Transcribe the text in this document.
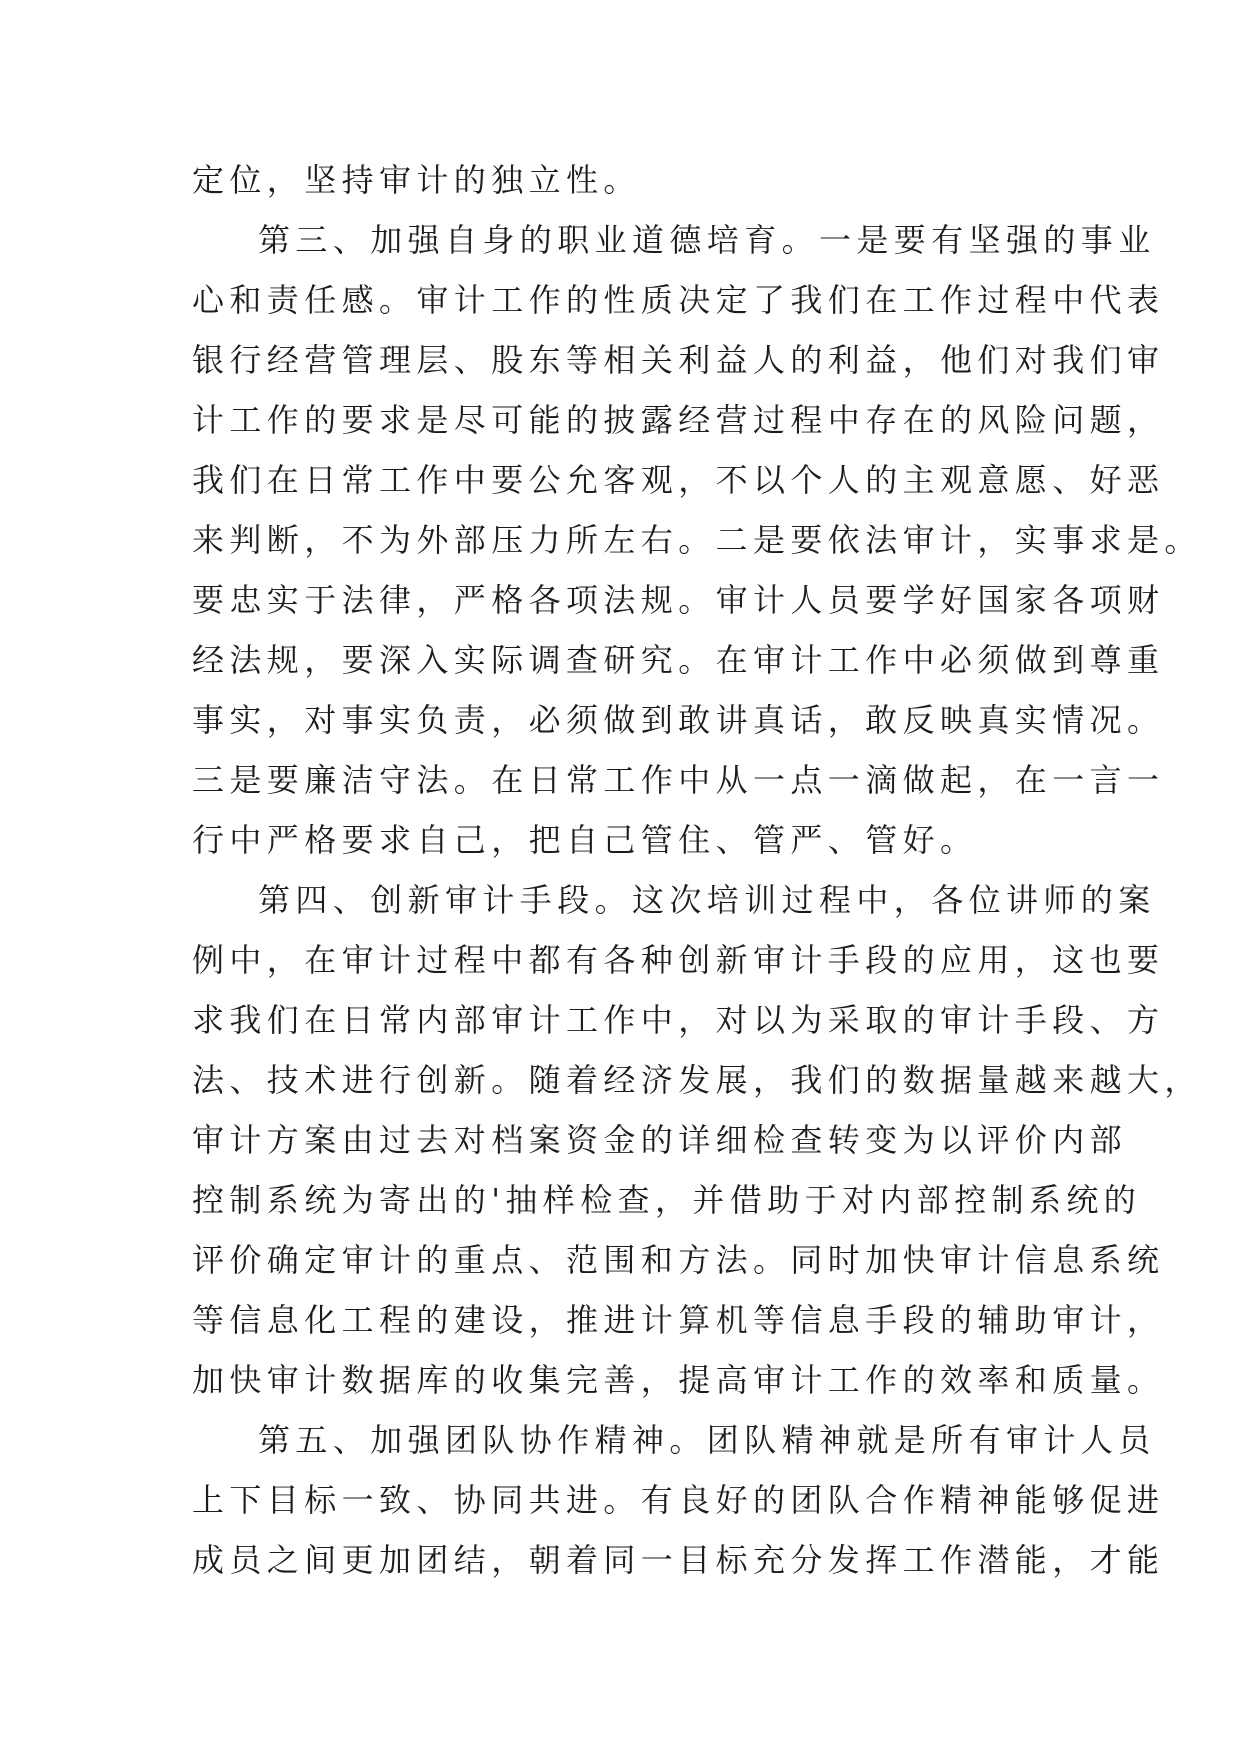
定位，坚持审计的独立性。
第三、加强自身的职业道德培育。一是要有坚强的事业
心和责任感。审计工作的性质决定了我们在工作过程中代表
银行经营管理层、股东等相关利益人的利益，他们对我们审
计工作的要求是尽可能的披露经营过程中存在的风险问题，
我们在日常工作中要公允客观，不以个人的主观意愿、好恶
来判断，不为外部压力所左右。二是要依法审计，实事求是。
要忠实于法律，严格各项法规。审计人员要学好国家各项财
经法规，要深入实际调查研究。在审计工作中必须做到尊重
事实，对事实负责，必须做到敢讲真话，敢反映真实情况。
三是要廉洁守法。在日常工作中从一点一滴做起，在一言一
行中严格要求自己，把自己管住、管严、管好。
第四、创新审计手段。这次培训过程中，各位讲师的案
例中，在审计过程中都有各种创新审计手段的应用，这也要
求我们在日常内部审计工作中，对以为采取的审计手段、方
法、技术进行创新。随着经济发展，我们的数据量越来越大，
审计方案由过去对档案资金的详细检查转变为以评价内部
控制系统为寄出的'抽样检查，并借助于对内部控制系统的
评价确定审计的重点、范围和方法。同时加快审计信息系统
等信息化工程的建设，推进计算机等信息手段的辅助审计，
加快审计数据库的收集完善，提高审计工作的效率和质量。
第五、加强团队协作精神。团队精神就是所有审计人员
上下目标一致、协同共进。有良好的团队合作精神能够促进
成员之间更加团结，朝着同一目标充分发挥工作潜能，才能
